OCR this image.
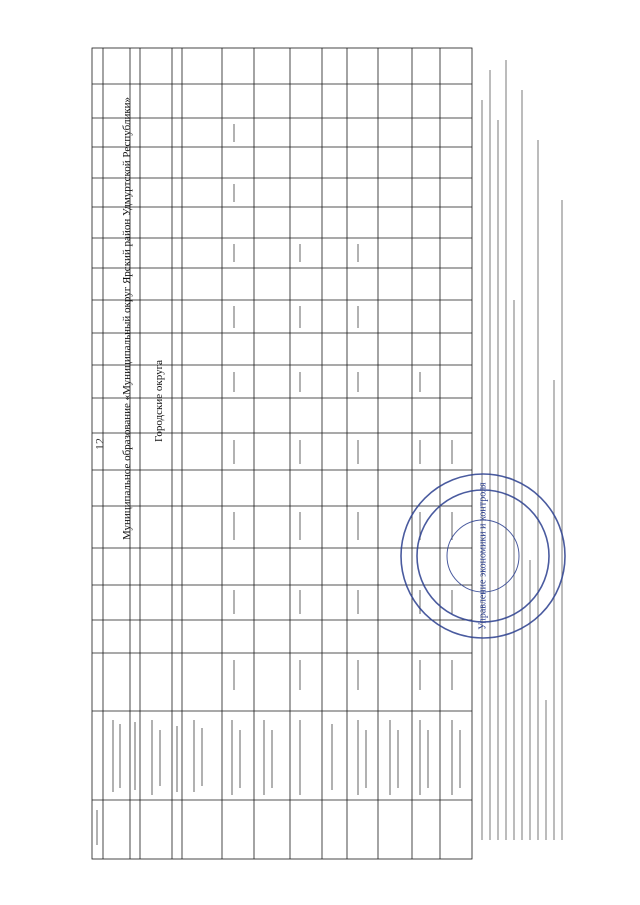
12 Муниципальное образование «Муниципальный округ Ярский район Удмуртской Республики» Городские округа
Управление экономики и контроля
